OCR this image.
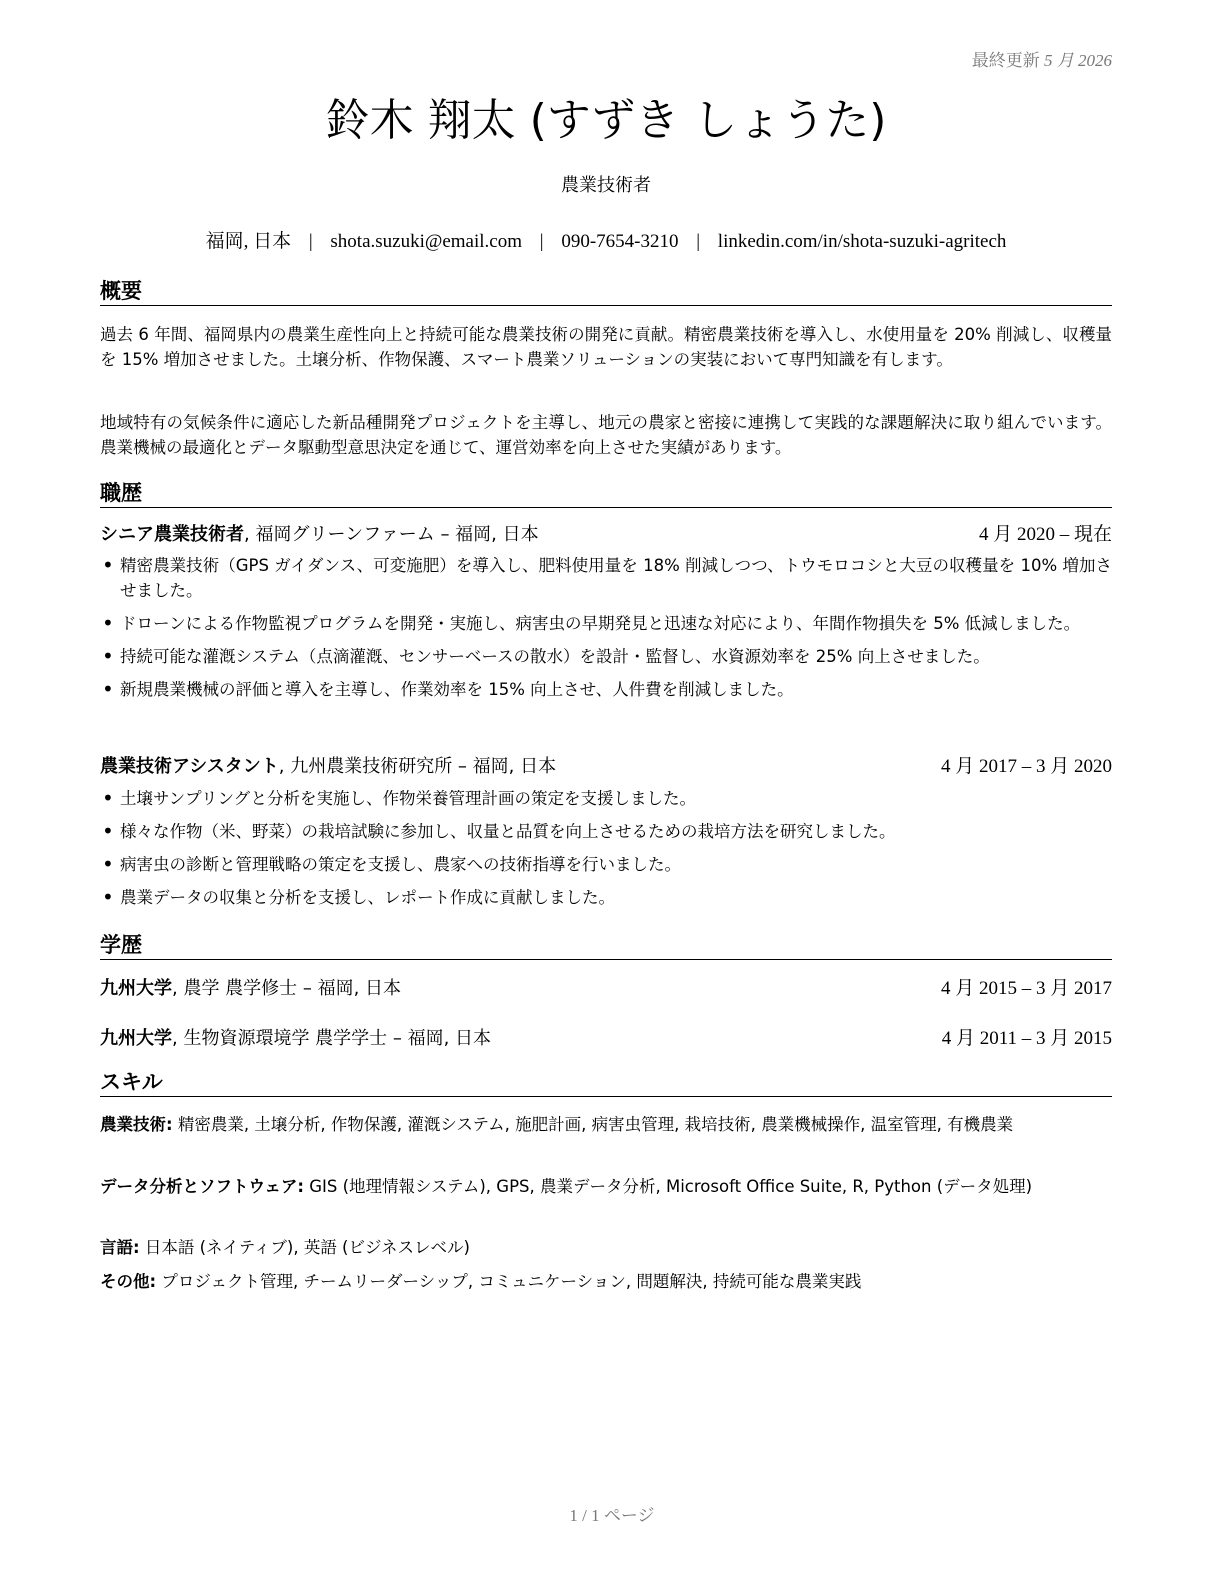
最終更新 5 月 2026
鈴木 翔太 (すずき しょうた)
農業技術者
福岡, 日本 | shota.suzuki@email.com | 090-7654-3210 | linkedin.com/in/shota-suzuki-agritech
概要
過去 6 年間、福岡県内の農業生産性向上と持続可能な農業技術の開発に貢献。精密農業技術を導入し、水使用量を 20% 削減し、収穫量を 15% 増加させました。土壌分析、作物保護、スマート農業ソリューションの実装において専門知識を有します。
地域特有の気候条件に適応した新品種開発プロジェクトを主導し、地元の農家と密接に連携して実践的な課題解決に取り組んでいます。農業機械の最適化とデータ駆動型意思決定を通じて、運営効率を向上させた実績があります。
職歴
シニア農業技術者, 福岡グリーンファーム – 福岡, 日本	4 月 2020 – 現在
• 精密農業技術（GPS ガイダンス、可変施肥）を導入し、肥料使用量を 18% 削減しつつ、トウモロコシと大豆の収穫量を 10% 増加させました。
• ドローンによる作物監視プログラムを開発・実施し、病害虫の早期発見と迅速な対応により、年間作物損失を 5% 低減しました。
• 持続可能な灌漑システム（点滴灌漑、センサーベースの散水）を設計・監督し、水資源効率を 25% 向上させました。
• 新規農業機械の評価と導入を主導し、作業効率を 15% 向上させ、人件費を削減しました。
農業技術アシスタント, 九州農業技術研究所 – 福岡, 日本	4 月 2017 – 3 月 2020
• 土壌サンプリングと分析を実施し、作物栄養管理計画の策定を支援しました。
• 様々な作物（米、野菜）の栽培試験に参加し、収量と品質を向上させるための栽培方法を研究しました。
• 病害虫の診断と管理戦略の策定を支援し、農家への技術指導を行いました。
• 農業データの収集と分析を支援し、レポート作成に貢献しました。
学歴
九州大学, 農学 農学修士 – 福岡, 日本	4 月 2015 – 3 月 2017
九州大学, 生物資源環境学 農学学士 – 福岡, 日本	4 月 2011 – 3 月 2015
スキル
農業技術: 精密農業, 土壌分析, 作物保護, 灌漑システム, 施肥計画, 病害虫管理, 栽培技術, 農業機械操作, 温室管理, 有機農業
データ分析とソフトウェア: GIS (地理情報システム), GPS, 農業データ分析, Microsoft Office Suite, R, Python (データ処理)
言語: 日本語 (ネイティブ), 英語 (ビジネスレベル)
その他: プロジェクト管理, チームリーダーシップ, コミュニケーション, 問題解決, 持続可能な農業実践
1 / 1 ページ
